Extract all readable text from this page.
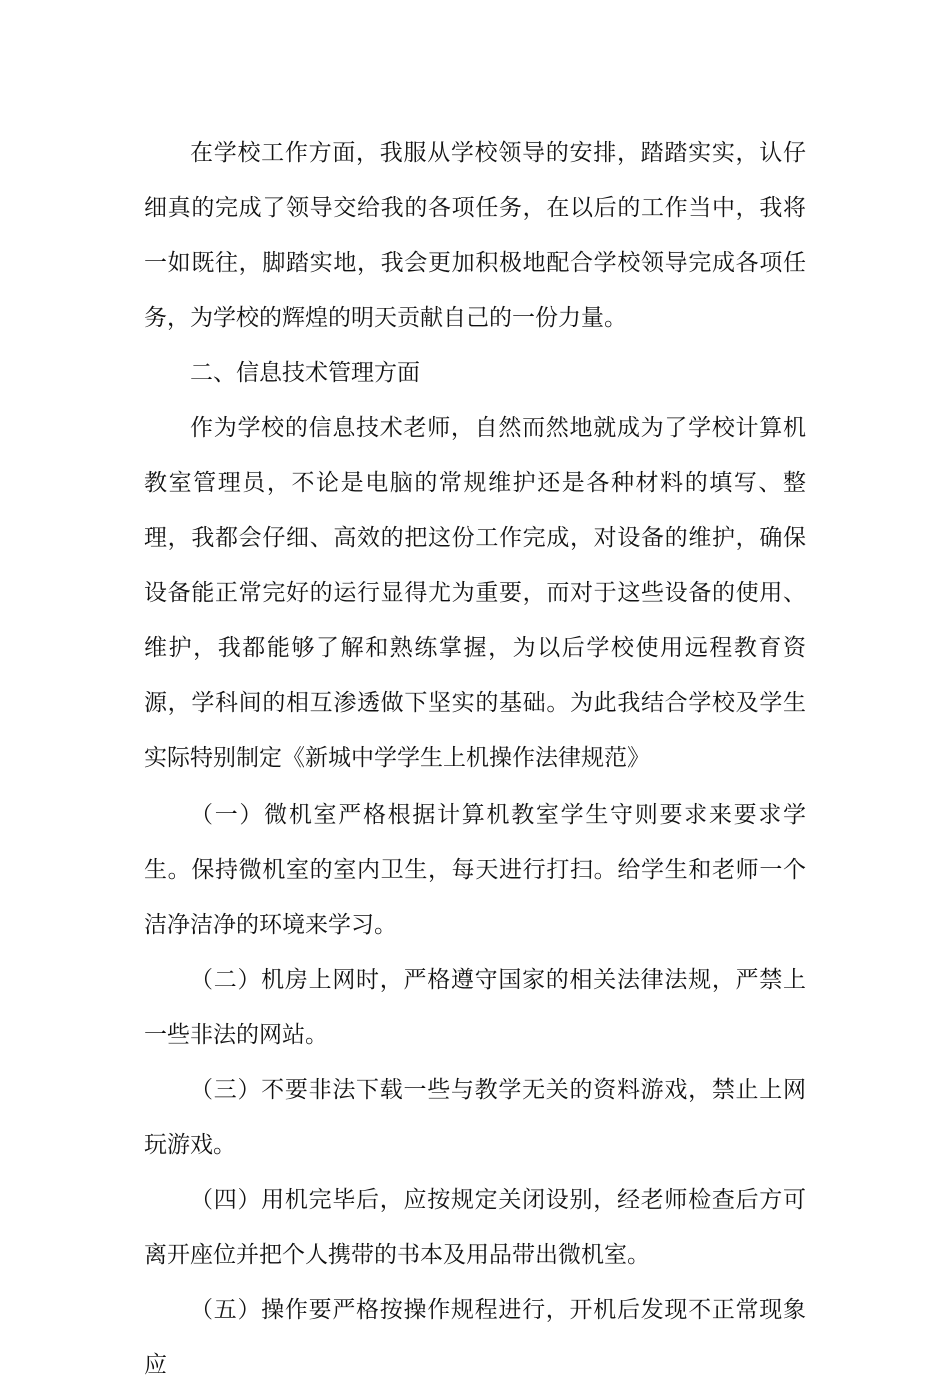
在学校工作方面，我服从学校领导的安排，踏踏实实，认仔细真的完成了领导交给我的各项任务，在以后的工作当中，我将一如既往，脚踏实地，我会更加积极地配合学校领导完成各项任务，为学校的辉煌的明天贡献自己的一份力量。

二、信息技术管理方面

作为学校的信息技术老师，自然而然地就成为了学校计算机教室管理员，不论是电脑的常规维护还是各种材料的填写、整理，我都会仔细、高效的把这份工作完成，对设备的维护，确保设备能正常完好的运行显得尤为重要，而对于这些设备的使用、维护，我都能够了解和熟练掌握，为以后学校使用远程教育资源，学科间的相互渗透做下坚实的基础。为此我结合学校及学生实际特别制定《新城中学学生上机操作法律规范》

（一）微机室严格根据计算机教室学生守则要求来要求学生。保持微机室的室内卫生，每天进行打扫。给学生和老师一个洁净洁净的环境来学习。

（二）机房上网时，严格遵守国家的相关法律法规，严禁上一些非法的网站。

（三）不要非法下载一些与教学无关的资料游戏，禁止上网玩游戏。

（四）用机完毕后，应按规定关闭设别，经老师检查后方可离开座位并把个人携带的书本及用品带出微机室。

（五）操作要严格按操作规程进行，开机后发现不正常现象应
